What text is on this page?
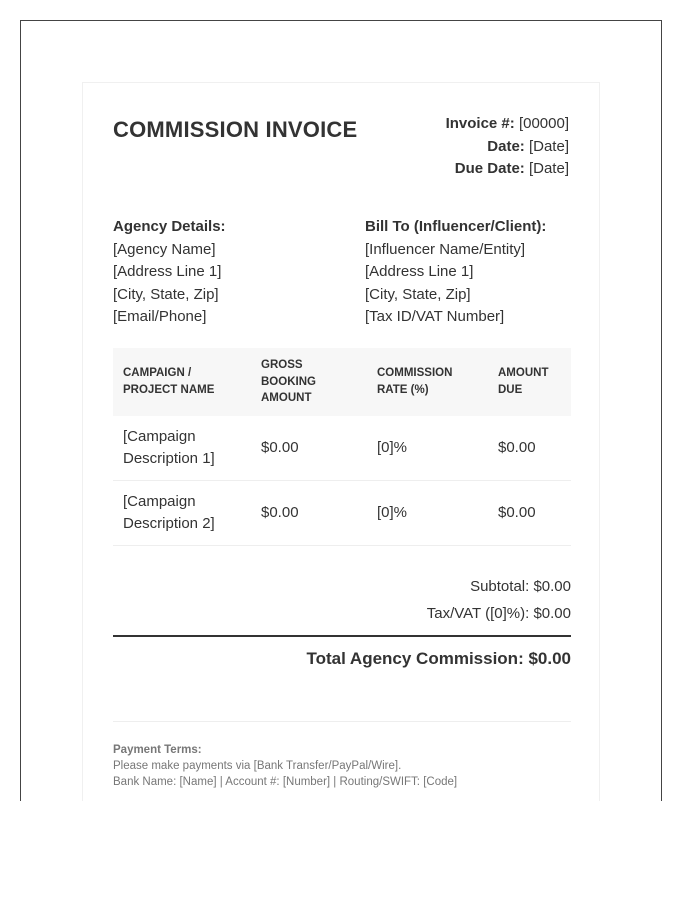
COMMISSION INVOICE	Invoice #: [00000]
Date: [Date]
Due Date: [Date]
Agency Details:
[Agency Name]
[Address Line 1]
[City, State, Zip]
[Email/Phone]
Bill To (Influencer/Client):
[Influencer Name/Entity]
[Address Line 1]
[City, State, Zip]
[Tax ID/VAT Number]
CAMPAIGN / PROJECT NAME	GROSS BOOKING AMOUNT	COMMISSION RATE (%)	AMOUNT DUE
[Campaign Description 1]	$0.00	[0]%	$0.00
[Campaign Description 2]	$0.00	[0]%	$0.00
Subtotal: $0.00
Tax/VAT ([0]%): $0.00
Total Agency Commission: $0.00
Payment Terms:
Please make payments via [Bank Transfer/PayPal/Wire].
Bank Name: [Name] | Account #: [Number] | Routing/SWIFT: [Code]
